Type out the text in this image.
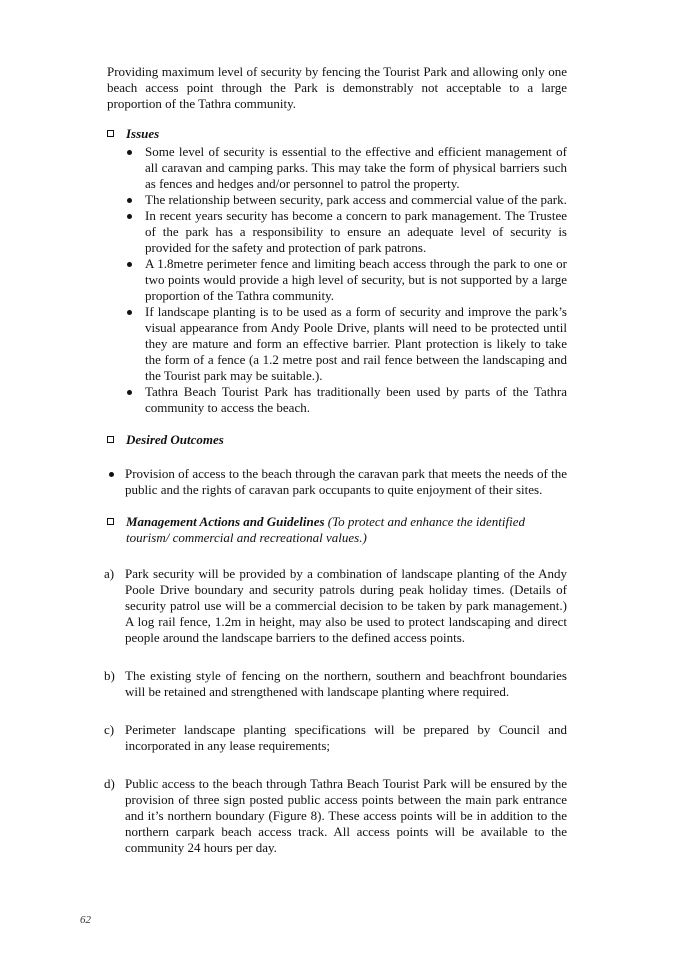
Providing maximum level of security by fencing the Tourist Park and allowing only one beach access point through the Park is demonstrably not acceptable to a large proportion of the Tathra community.

Issues
Some level of security is essential to the effective and efficient management of all caravan and camping parks. This may take the form of physical barriers such as fences and hedges and/or personnel to patrol the property.
The relationship between security, park access and commercial value of the park.
In recent years security has become a concern to park management. The Trustee of the park has a responsibility to ensure an adequate level of security is provided for the safety and protection of park patrons.
A 1.8metre perimeter fence and limiting beach access through the park to one or two points would provide a high level of security, but is not supported by a large proportion of the Tathra community.
If landscape planting is to be used as a form of security and improve the park’s visual appearance from Andy Poole Drive, plants will need to be protected until they are mature and form an effective barrier. Plant protection is likely to take the form of a fence (a 1.2 metre post and rail fence between the landscaping and the Tourist park may be suitable.).
Tathra Beach Tourist Park has traditionally been used by parts of the Tathra community to access the beach.
Desired Outcomes

Provision of access to the beach through the caravan park that meets the needs of the public and the rights of caravan park occupants to quite enjoyment of their sites.

Management Actions and Guidelines (To protect and enhance the identified tourism/ commercial and recreational values.)
a) Park security will be provided by a combination of landscape planting of the Andy Poole Drive boundary and security patrols during peak holiday times. (Details of security patrol use will be a commercial decision to be taken by park management.) A log rail fence, 1.2m in height, may also be used to protect landscaping and direct people around the landscape barriers to the defined access points.
b) The existing style of fencing on the northern, southern and beachfront boundaries will be retained and strengthened with landscape planting where required.
c) Perimeter landscape planting specifications will be prepared by Council and incorporated in any lease requirements;
d) Public access to the beach through Tathra Beach Tourist Park will be ensured by the provision of three sign posted public access points between the main park entrance and it’s northern boundary (Figure 8). These access points will be in addition to the northern carpark beach access track. All access points will be available to the community 24 hours per day.
62
